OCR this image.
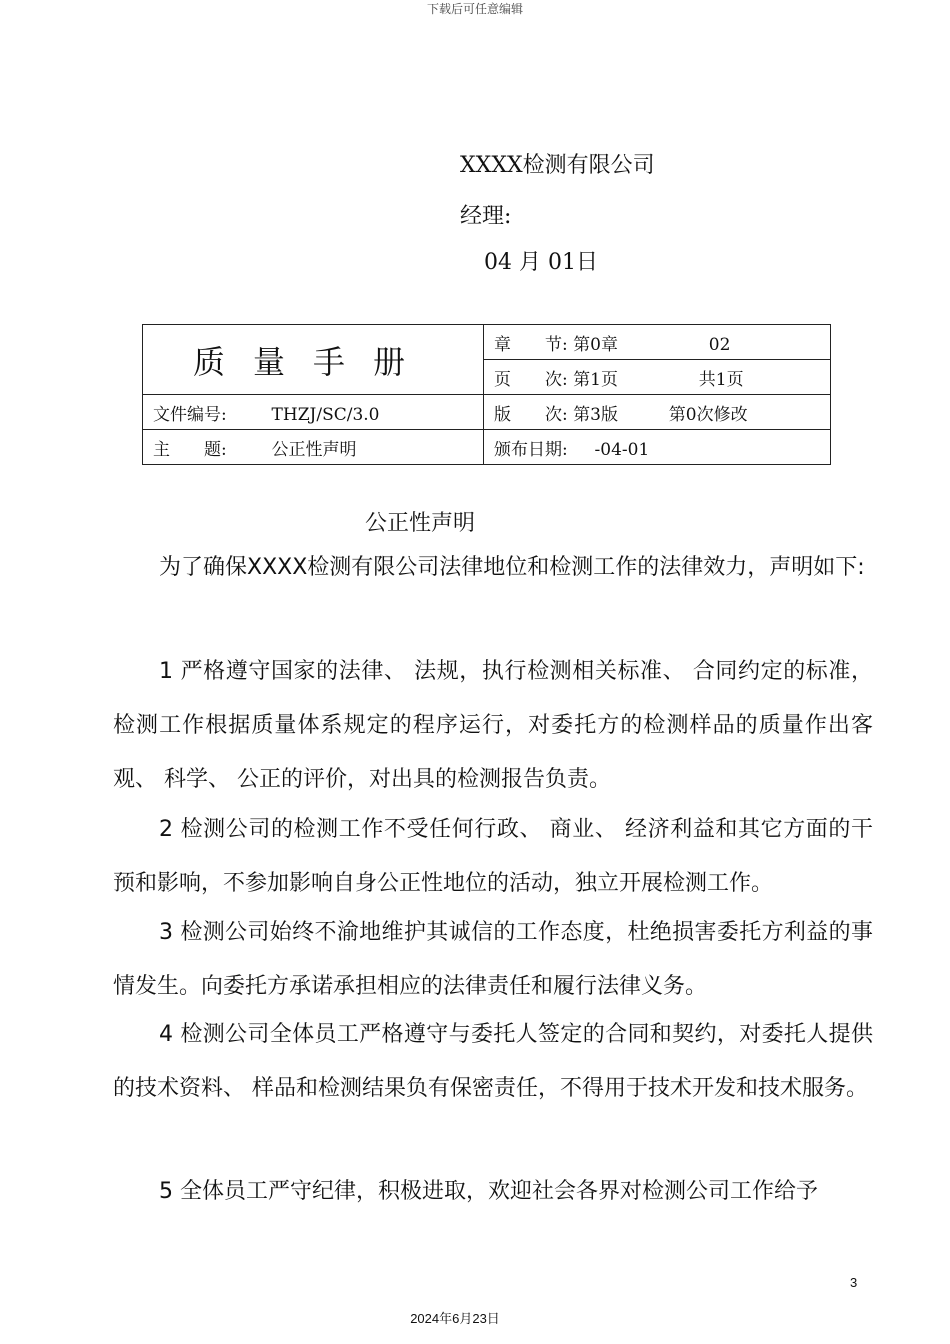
下载后可任意编辑
XXXX检测有限公司
经理:
04 月 01日
质量手册	章　　节: 第0章 02
	页　　次: 第1页 共1页
文件编号: THZJ/SC/3.0	版　　次: 第3版 第0次修改
主　　题: 公正性声明	颁布日期: -04-01
公正性声明
为了确保XXXX检测有限公司法律地位和检测工作的法律效力，声明如下:
1 严格遵守国家的法律、 法规，执行检测相关标准、 合同约定的标准，检测工作根据质量体系规定的程序运行，对委托方的检测样品的质量作出客观、 科学、 公正的评价，对出具的检测报告负责。
2 检测公司的检测工作不受任何行政、 商业、 经济利益和其它方面的干预和影响，不参加影响自身公正性地位的活动，独立开展检测工作。
3 检测公司始终不渝地维护其诚信的工作态度，杜绝损害委托方利益的事情发生。向委托方承诺承担相应的法律责任和履行法律义务。
4 检测公司全体员工严格遵守与委托人签定的合同和契约，对委托人提供的技术资料、 样品和检测结果负有保密责任，不得用于技术开发和技术服务。
5 全体员工严守纪律，积极进取，欢迎社会各界对检测公司工作给予
3
2024年6月23日
